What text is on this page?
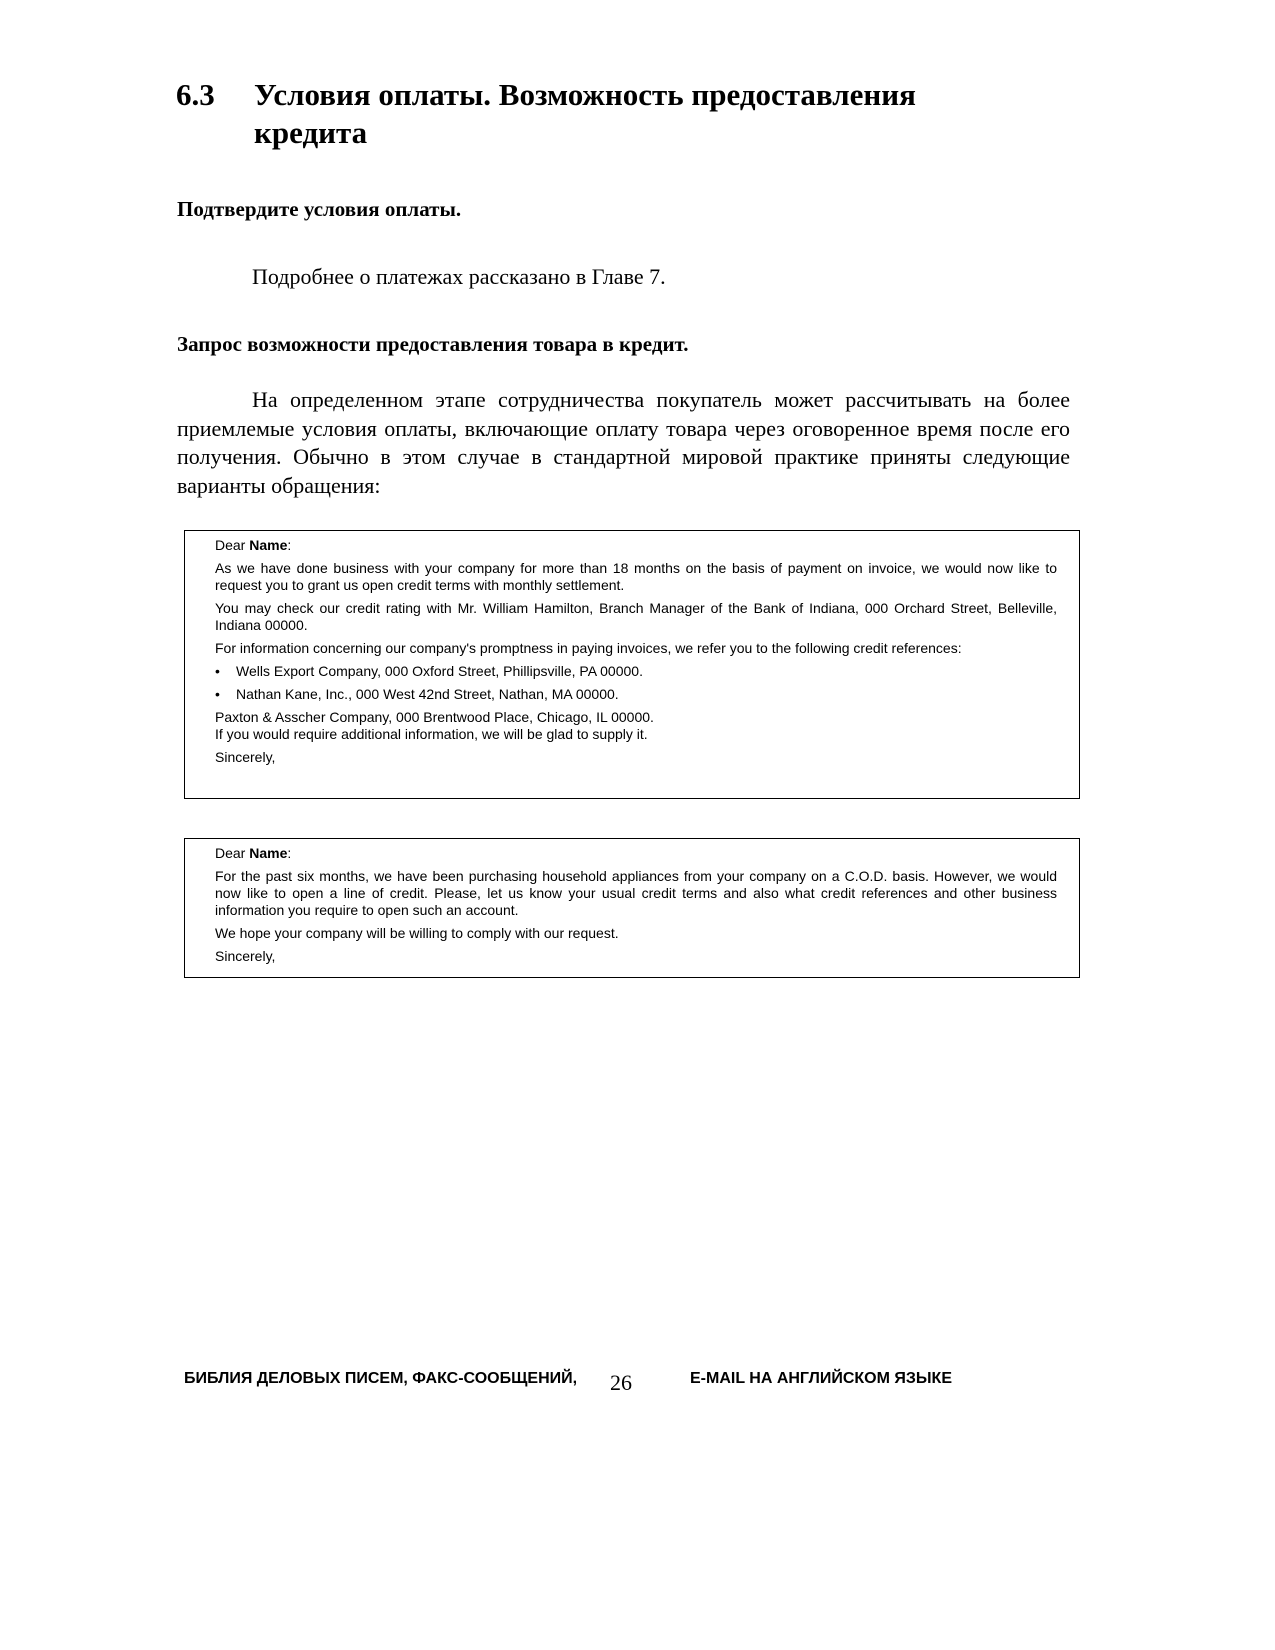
6.3 Условия оплаты. Возможность предоставления кредита
Подтвердите условия оплаты.
Подробнее о платежах рассказано в Главе 7.
Запрос возможности предоставления товара в кредит.

На определенном этапе сотрудничества покупатель может рассчитывать на более приемлемые условия оплаты, включающие оплату товара через оговоренное время после его получения. Обычно в этом случае в стандартной мировой практике приняты следующие варианты обращения:

Dear Name:

As we have done business with your company for more than 18 months on the basis of payment on invoice, we would now like to request you to grant us open credit terms with monthly settlement.

You may check our credit rating with Mr. William Hamilton, Branch Manager of the Bank of Indiana, 000 Orchard Street, Belleville, Indiana 00000.

For information concerning our company's promptness in paying invoices, we refer you to the following credit references:

• Wells Export Company, 000 Oxford Street, Phillipsville, PA 00000.
• Nathan Kane, Inc., 000 West 42nd Street, Nathan, MA 00000.

Paxton & Asscher Company, 000 Brentwood Place, Chicago, IL 00000.

If you would require additional information, we will be glad to supply it.

Sincerely,

Dear Name:

For the past six months, we have been purchasing household appliances from your company on a C.O.D. basis. However, we would now like to open a line of credit. Please, let us know your usual credit terms and also what credit references and other business information you require to open such an account.

We hope your company will be willing to comply with our request.

Sincerely,

БИБЛИЯ ДЕЛОВЫХ ПИСЕМ, ФАКС-СООБЩЕНИЙ, 26	E-MAIL НА АНГЛИЙСКОМ ЯЗЫКЕ
